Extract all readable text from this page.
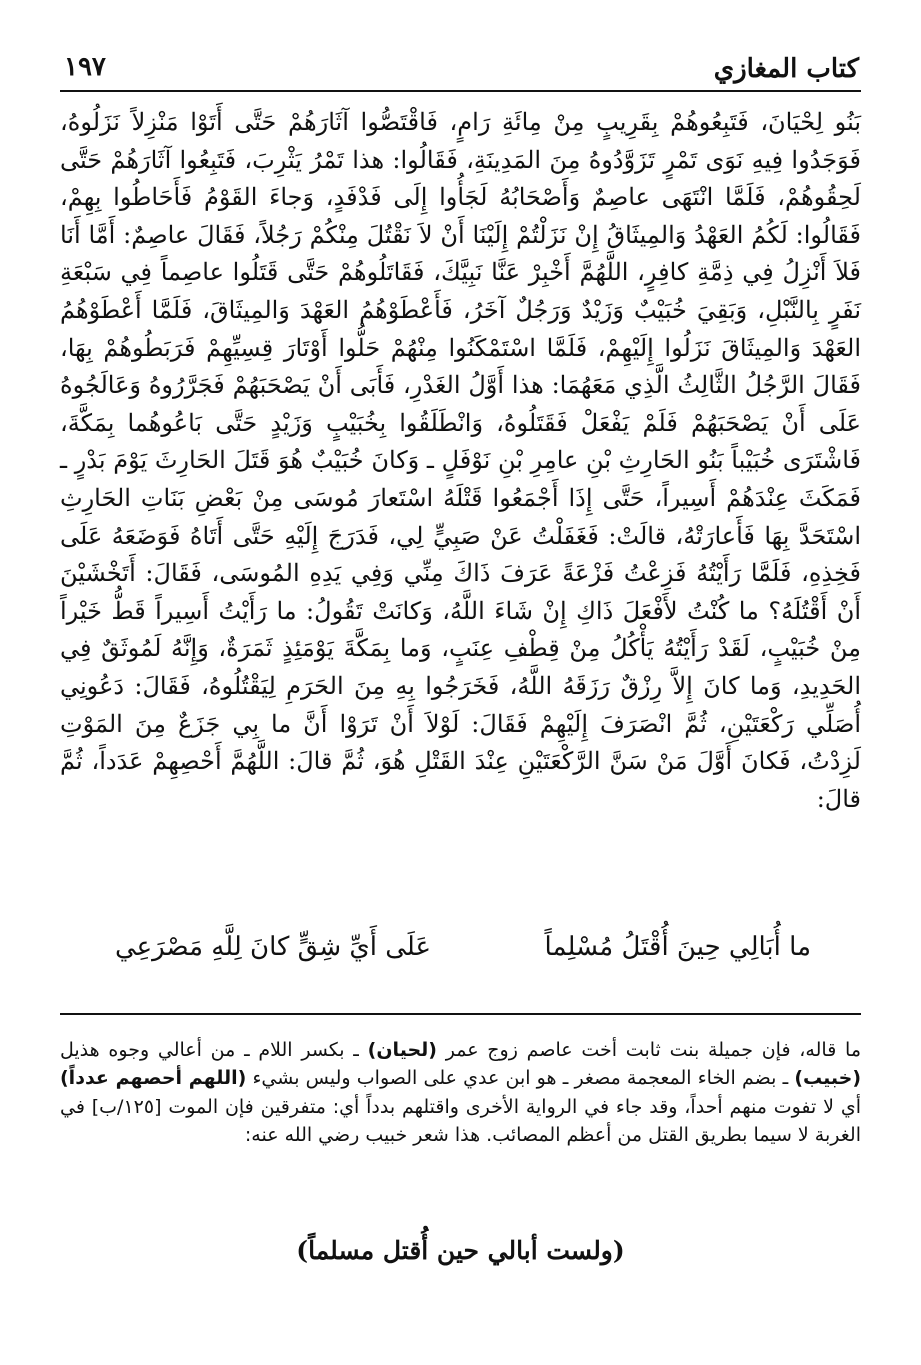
كتاب المغازي
١٩٧

بَنُو لِحْيَانَ، فَتَبِعُوهُمْ بِقَرِيبٍ مِنْ مِائَةِ رَامٍ، فَاقْتَصُّوا آثَارَهُمْ حَتَّى أَتَوْا مَنْزِلاً نَزَلُوهُ، فَوَجَدُوا فِيهِ نَوَى تَمْرٍ تَزَوَّدُوهُ مِنَ المَدِينَةِ، فَقَالُوا: هذا تَمْرُ يَثْرِبَ، فَتَبِعُوا آثَارَهُمْ حَتَّى لَحِقُوهُمْ، فَلَمَّا انْتَهَى عاصِمٌ وَأَصْحَابُهُ لَجَأُوا إِلَى فَدْفَدٍ، وَجاءَ القَوْمُ فَأَحَاطُوا بِهِمْ، فَقَالُوا: لَكُمُ العَهْدُ وَالمِيثَاقُ إِنْ نَزَلْتُمْ إِلَيْنَا أَنْ لاَ نَقْتُلَ مِنْكُمْ رَجُلاً، فَقَالَ عاصِمٌ: أَمَّا أَنَا فَلاَ أَنْزِلُ فِي ذِمَّةِ كافِرٍ، اللَّهُمَّ أَخْبِرْ عَنَّا نَبِيَّكَ، فَقَاتَلُوهُمْ حَتَّى قَتَلُوا عاصِماً فِي سَبْعَةِ نَفَرٍ بِالنَّبْلِ، وَبَقِيَ خُبَيْبٌ وَزَيْدٌ وَرَجُلٌ آخَرُ، فَأَعْطَوْهُمُ العَهْدَ وَالمِيثَاقَ، فَلَمَّا أَعْطَوْهُمُ العَهْدَ وَالمِيثَاقَ نَزَلُوا إِلَيْهِمْ، فَلَمَّا اسْتَمْكَنُوا مِنْهُمْ حَلُّوا أَوْتَارَ قِسِيِّهِمْ فَرَبَطُوهُمْ بِهَا، فَقَالَ الرَّجُلُ الثَّالِثُ الَّذِي مَعَهُمَا: هذا أَوَّلُ الغَدْرِ، فَأَبَى أَنْ يَصْحَبَهُمْ فَجَرَّرُوهُ وَعَالَجُوهُ عَلَى أَنْ يَصْحَبَهُمْ فَلَمْ يَفْعَلْ فَقَتَلُوهُ، وَانْطَلَقُوا بِخُبَيْبٍ وَزَيْدٍ حَتَّى بَاعُوهُما بِمَكَّةَ، فَاشْتَرَى خُبَيْباً بَنُو الحَارِثِ بْنِ عامِرِ بْنِ نَوْفَلٍ ـ وَكانَ خُبَيْبٌ هُوَ قَتَلَ الحَارِثَ يَوْمَ بَدْرٍ ـ فَمَكَثَ عِنْدَهُمْ أَسِيراً، حَتَّى إِذَا أَجْمَعُوا قَتْلَهُ اسْتَعارَ مُوسَى مِنْ بَعْضِ بَنَاتِ الحَارِثِ اسْتَحَدَّ بِهَا فَأَعارَتْهُ، قالَتْ: فَغَفَلْتُ عَنْ صَبِيٍّ لِي، فَدَرَجَ إِلَيْهِ حَتَّى أَتَاهُ فَوَضَعَهُ عَلَى فَخِذِهِ، فَلَمَّا رَأَيْتُهُ فَزِعْتُ فَزْعَةً عَرَفَ ذَاكَ مِنِّي وَفِي يَدِهِ المُوسَى، فَقَالَ: أَتَخْشَيْنَ أَنْ أَقْتُلَهُ؟ ما كُنْتُ لأَفْعَلَ ذَاكِ إِنْ شَاءَ اللَّهُ، وَكانَتْ تَقُولُ: ما رَأَيْتُ أَسِيراً قَطُّ خَيْراً مِنْ خُبَيْبٍ، لَقَدْ رَأَيْتُهُ يَأْكُلُ مِنْ قِطْفِ عِنَبٍ، وَما بِمَكَّةَ يَوْمَئِذٍ ثَمَرَةٌ، وَإِنَّهُ لَمُوثَقٌ فِي الحَدِيدِ، وَما كانَ إِلاَّ رِزْقٌ رَزَقَهُ اللَّهُ، فَخَرَجُوا بِهِ مِنَ الحَرَمِ لِيَقْتُلُوهُ، فَقَالَ: دَعُونِي أُصَلِّي رَكْعَتَيْنِ، ثُمَّ انْصَرَفَ إِلَيْهِمْ فَقَالَ: لَوْلاَ أَنْ تَرَوْا أَنَّ ما بِي جَزَعٌ مِنَ المَوْتِ لَزِدْتُ، فَكانَ أَوَّلَ مَنْ سَنَّ الرَّكْعَتَيْنِ عِنْدَ القَتْلِ هُوَ، ثُمَّ قالَ: اللَّهُمَّ أَحْصِهِمْ عَدَداً، ثُمَّ قالَ:

ما أُبَالِي حِينَ أُقْتَلُ مُسْلِماً
عَلَى أَيِّ شِقٍّ كانَ لِلَّهِ مَصْرَعِي

ما قاله، فإن جميلة بنت ثابت أخت عاصم زوج عمر (لحيان) ـ بكسر اللام ـ من أعالي وجوه هذيل (خبيب) ـ بضم الخاء المعجمة مصغر ـ هو ابن عدي على الصواب وليس بشيء (اللهم أحصهم عدداً) أي لا تفوت منهم أحداً، وقد جاء في الرواية الأخرى واقتلهم بدداً أي: متفرقين فإن الموت [١٢٥/ب] في الغربة لا سيما بطريق القتل من أعظم المصائب. هذا شعر خبيب رضي الله عنه:

(ولست أبالي حين أُقتل مسلماً)
